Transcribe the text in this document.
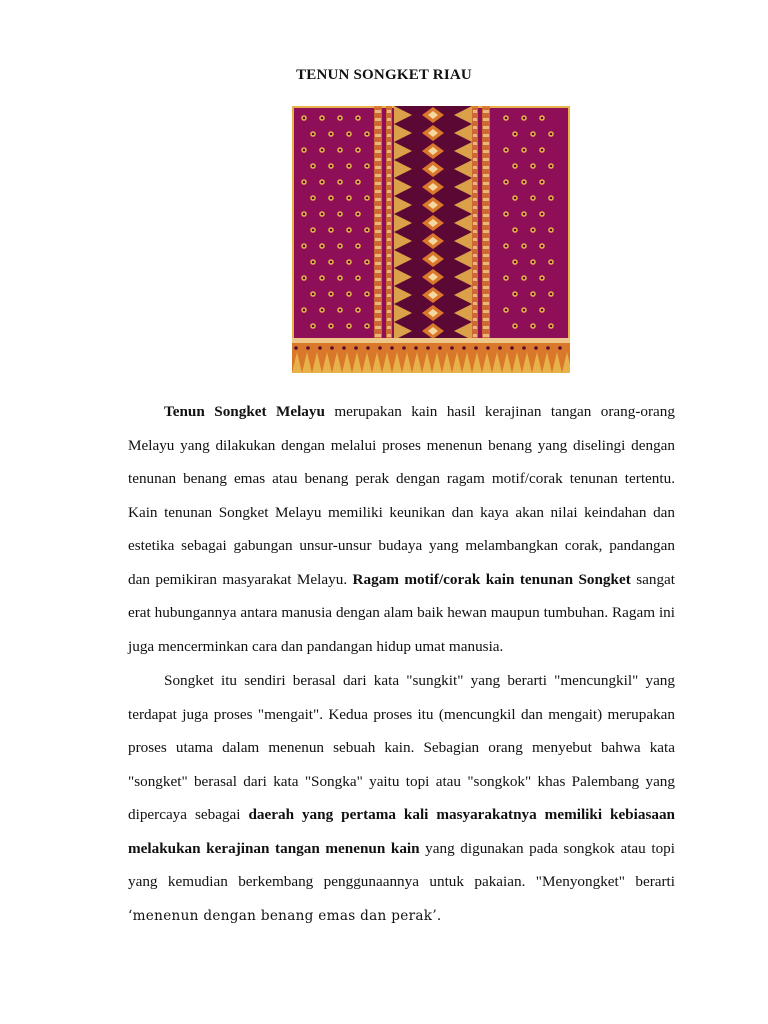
TENUN SONGKET RIAU

Tenun Songket Melayu merupakan kain hasil kerajinan tangan orang-orang Melayu yang dilakukan dengan melalui proses menenun benang yang diselingi dengan tenunan benang emas atau benang perak dengan ragam motif/corak tenunan tertentu. Kain tenunan Songket Melayu memiliki keunikan dan kaya akan nilai keindahan dan estetika sebagai gabungan unsur-unsur budaya yang melambangkan corak, pandangan dan pemikiran masyarakat Melayu. Ragam motif/corak kain tenunan Songket sangat erat hubungannya antara manusia dengan alam baik hewan maupun tumbuhan. Ragam ini juga mencerminkan cara dan pandangan hidup umat manusia.

Songket itu sendiri berasal dari kata "sungkit" yang berarti "mencungkil" yang terdapat juga proses "mengait". Kedua proses itu (mencungkil dan mengait) merupakan proses utama dalam menenun sebuah kain. Sebagian orang menyebut bahwa kata "songket" berasal dari kata "Songka" yaitu topi atau "songkok" khas Palembang yang dipercaya sebagai daerah yang pertama kali masyarakatnya memiliki kebiasaan melakukan kerajinan tangan menenun kain yang digunakan pada songkok atau topi yang kemudian berkembang penggunaannya untuk pakaian. "Menyongket" berarti ‘menenun dengan benang emas dan perak’.
